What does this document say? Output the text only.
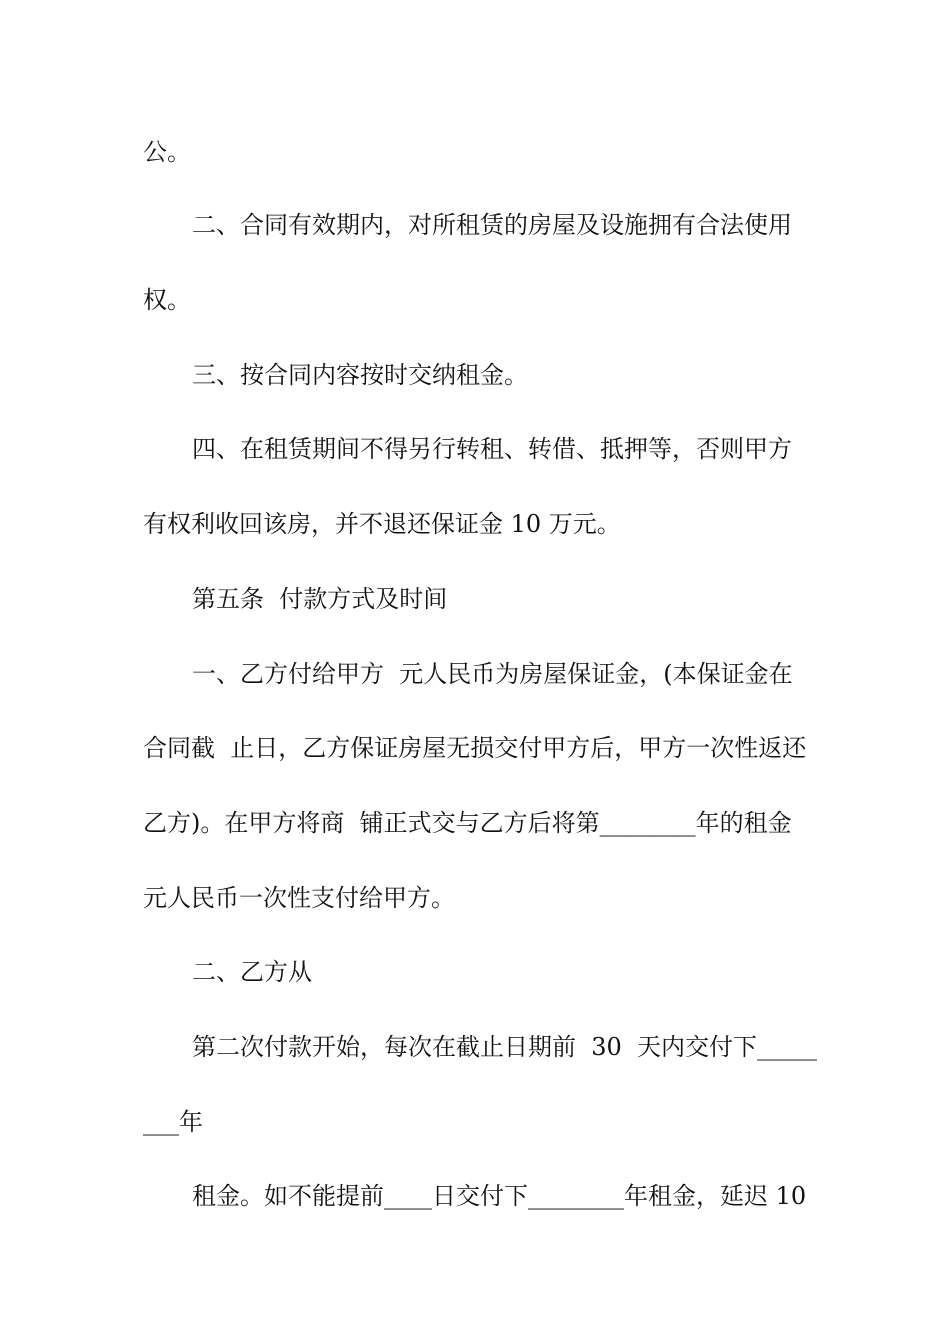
公。
二、合同有效期内，对所租赁的房屋及设施拥有合法使用
权。
三、按合同内容按时交纳租金。
四、在租赁期间不得另行转租、转借、抵押等，否则甲方
有权利收回该房，并不退还保证金 10 万元。
第五条  付款方式及时间
一、乙方付给甲方  元人民币为房屋保证金，(本保证金在
合同截  止日，乙方保证房屋无损交付甲方后，甲方一次性返还
乙方)。在甲方将商  铺正式交与乙方后将第________年的租金
元人民币一次性支付给甲方。
二、乙方从
第二次付款开始，每次在截止日期前  30  天内交付下_____
___年
租金。如不能提前____日交付下________年租金，延迟 10
